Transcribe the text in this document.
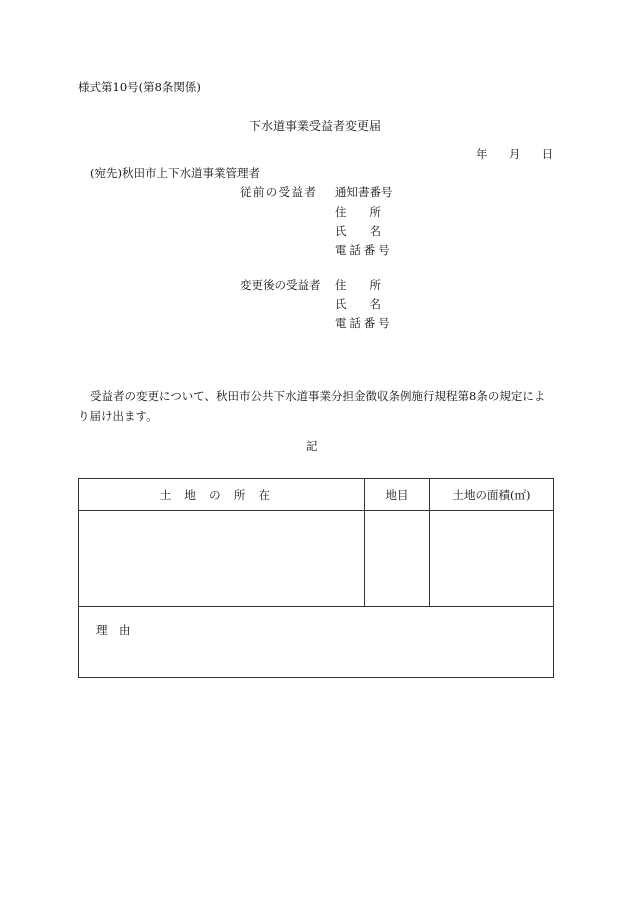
様式第10号(第8条関係)
下水道事業受益者変更届
年 月 日
(宛先)秋田市上下水道事業管理者
従前の受益者 通知書番号
住　　所
氏　　名
電話番号
変更後の受益者 住　　所
氏　　名
電話番号
受益者の変更について、秋田市公共下水道事業分担金徴収条例施行規程第8条の規定によ
り届け出ます。
記
土地の所在	地目	土地の面積(㎡)

理由		
